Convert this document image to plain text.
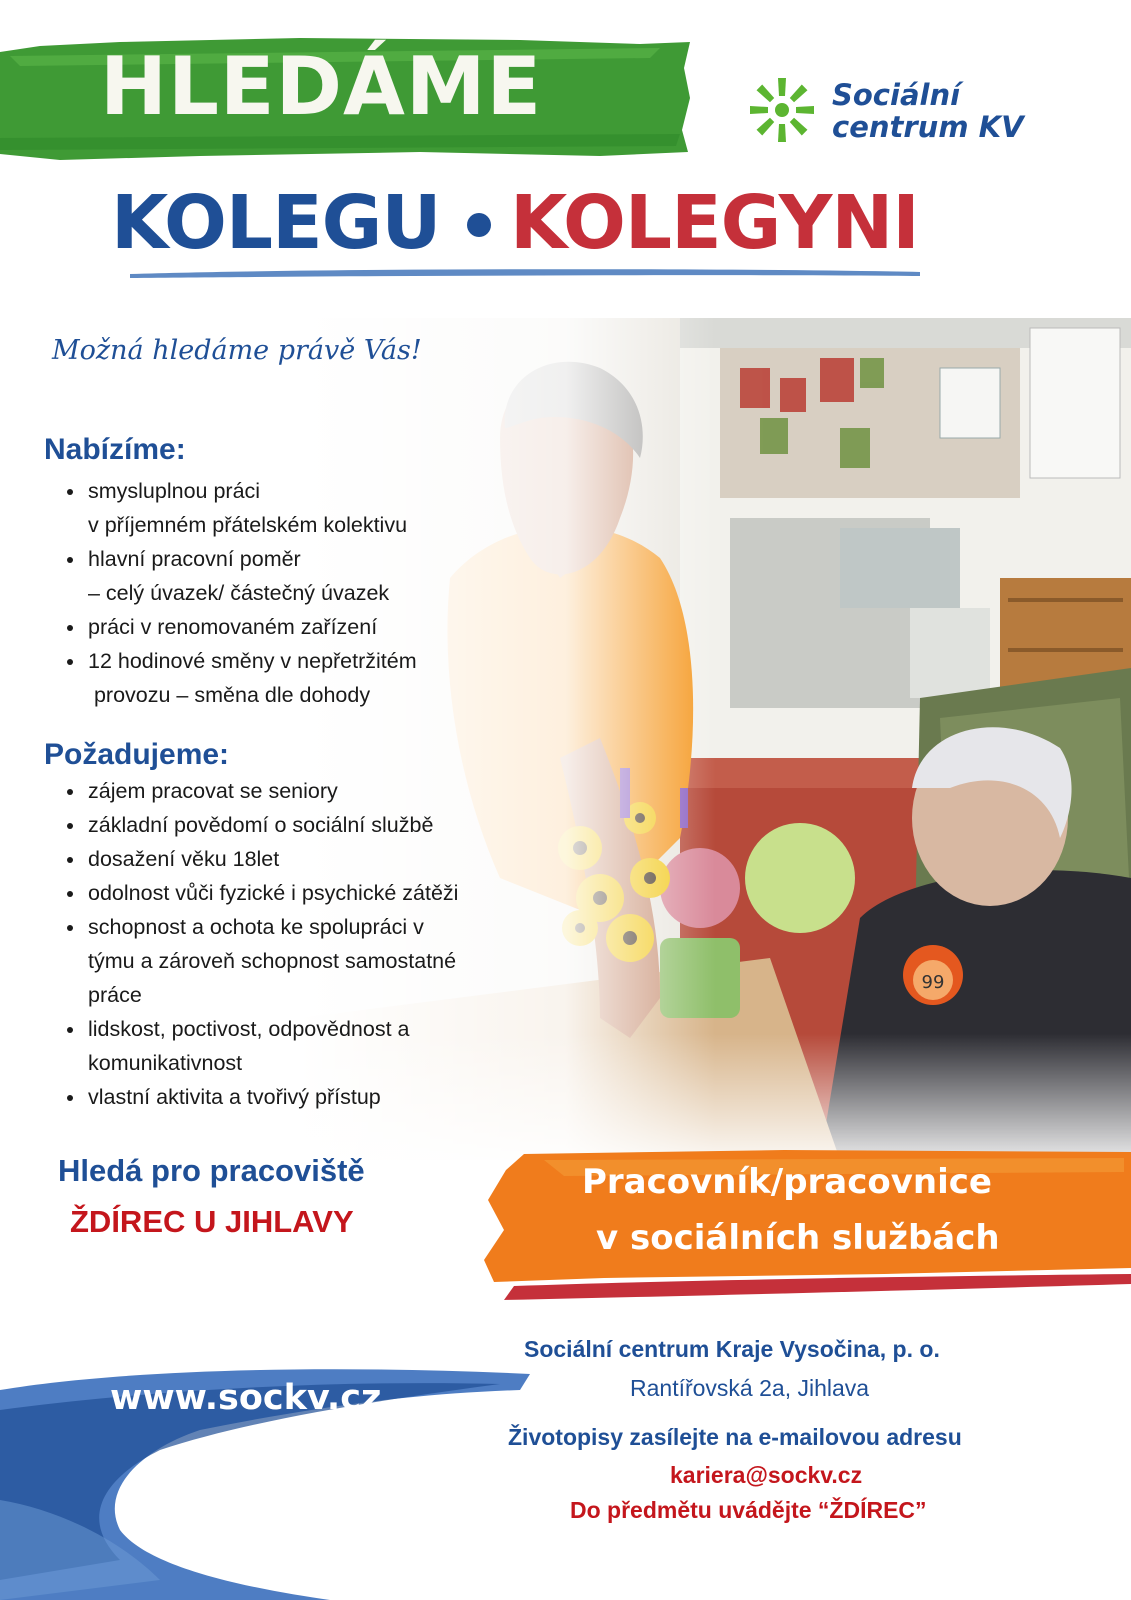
HLEDÁME	Sociální
centrum KV
KOLEGU KOLEGYNI
Možná hledáme právě Vás!
Nabízíme:
• smysluplnou práci
v příjemném přátelském kolektivu
• hlavní pracovní poměr
– celý úvazek/ částečný úvazek
• práci v renomovaném zařízení
• 12 hodinové směny v nepřetržitém
provozu – směna dle dohody
Požadujeme:
• zájem pracovat se seniory
• základní povědomí o sociální službě
• dosažení věku 18let
• odolnost vůči fyzické i psychické zátěži
• schopnost a ochota ke spolupráci v
týmu a zároveň schopnost samostatné
práce
• lidskost, poctivost, odpovědnost a
komunikativnost
• vlastní aktivita a tvořivý přístup
Hledá pro pracoviště
ŽDÍREC U JIHLAVY
Pracovník/pracovnice
v sociálních službách
www.sockv.cz
Sociální centrum Kraje Vysočina, p. o.
Rantířovská 2a, Jihlava
Životopisy zasílejte na e-mailovou adresu
kariera@sockv.cz
Do předmětu uvádějte “ŽDÍREC”
